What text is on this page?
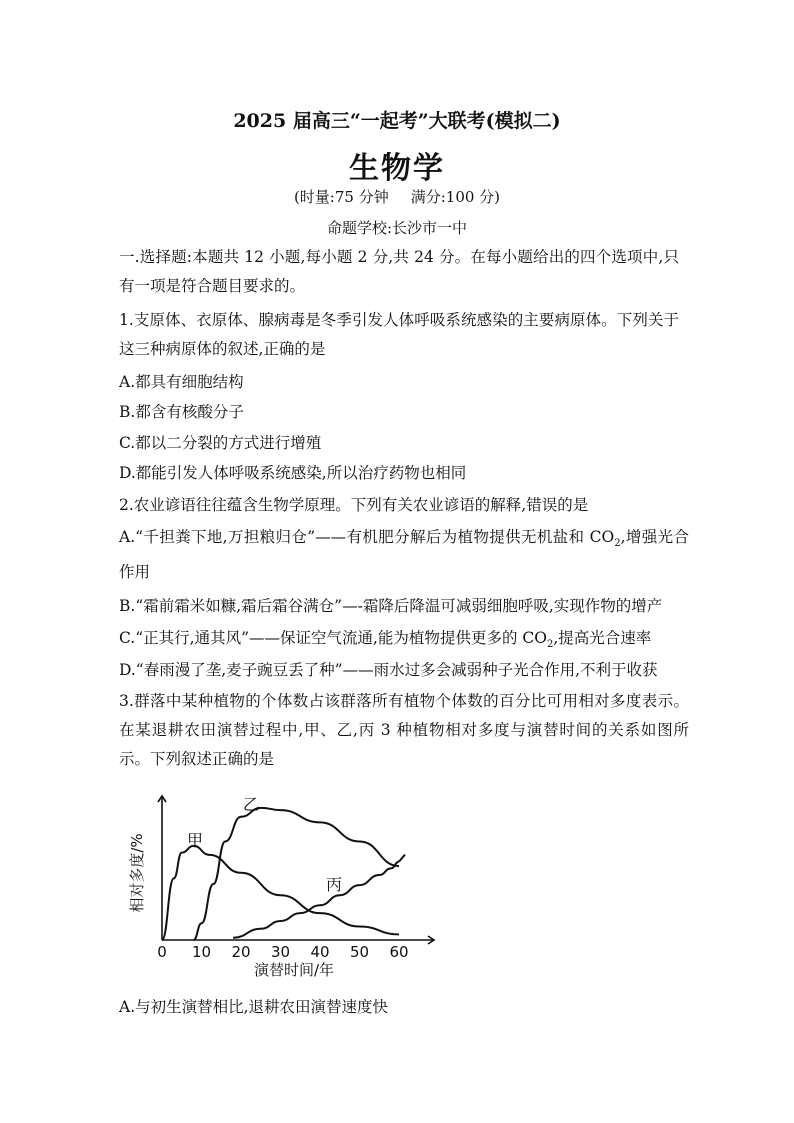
2025 届高三“一起考”大联考(模拟二)
生物学
(时量:75 分钟 满分:100 分)
命题学校:长沙市一中
一.选择题:本题共 12 小题,每小题 2 分,共 24 分。在每小题给出的四个选项中,只有一项是符合题目要求的。
1.支原体、衣原体、腺病毒是冬季引发人体呼吸系统感染的主要病原体。下列关于这三种病原体的叙述,正确的是
A.都具有细胞结构
B.都含有核酸分子
C.都以二分裂的方式进行增殖
D.都能引发人体呼吸系统感染,所以治疗药物也相同
2.农业谚语往往蕴含生物学原理。下列有关农业谚语的解释,错误的是
A.“千担粪下地,万担粮归仓”——有机肥分解后为植物提供无机盐和 $CO_2$,增强光合作用
B.“霜前霜米如糠,霜后霜谷满仓”—-霜降后降温可减弱细胞呼吸,实现作物的增产
C.“正其行,通其风”——保证空气流通,能为植物提供更多的 $CO_2$,提高光合速率
D.“春雨漫了垄,麦子豌豆丢了种”——雨水过多会减弱种子光合作用,不利于收获
3.群落中某种植物的个体数占该群落所有植物个体数的百分比可用相对多度表示。在某退耕农田演替过程中,甲、乙,丙 3 种植物相对多度与演替时间的关系如图所示。下列叙述正确的是
0 10 20 30 40 50 60
演替时间/年
相对多度/%	甲
乙
丙
A.与初生演替相比,退耕农田演替速度快
